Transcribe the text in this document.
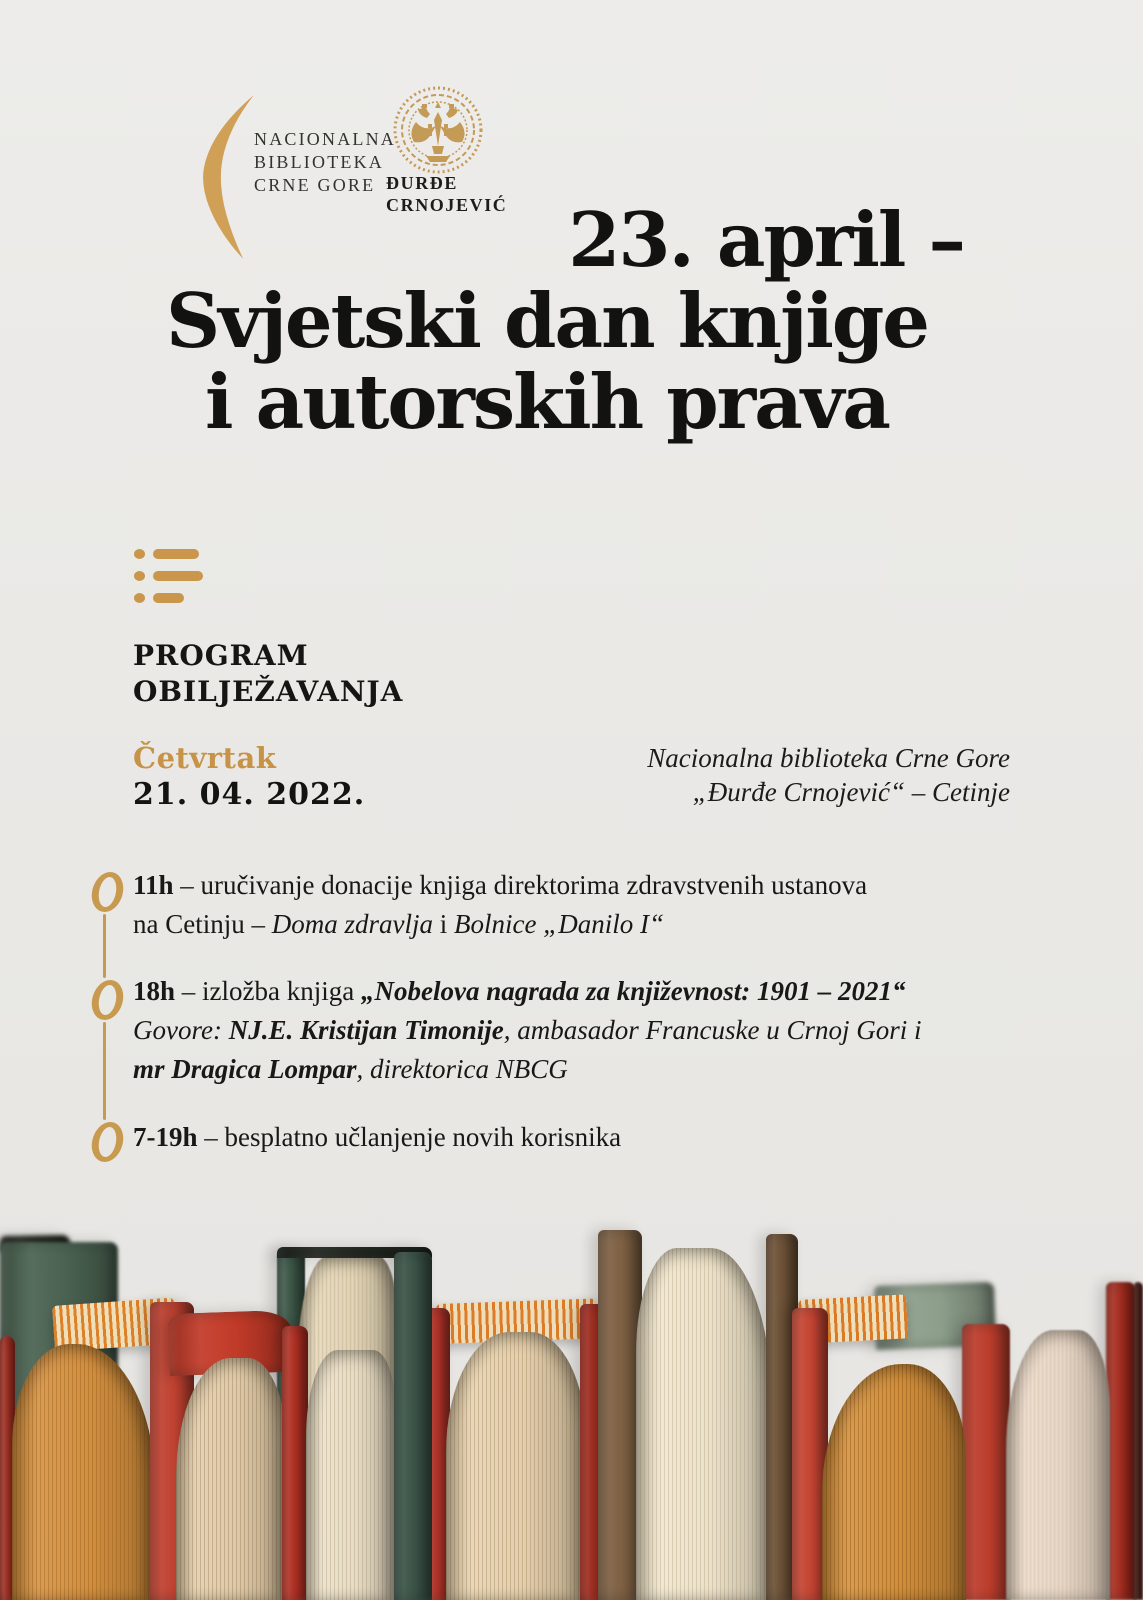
NACIONALNA
BIBLIOTEKA
CRNE GORE ĐURĐE
CRNOJEVIĆ 23. april –
Svjetski dan knjige
i autorskih prava
PROGRAM
OBILJEŽAVANJA
Četvrtak
21. 04. 2022.
Nacionalna biblioteka Crne Gore
„Đurđe Crnojević“ – Cetinje
11h – uručivanje donacije knjiga direktorima zdravstvenih ustanova
na Cetinju – Doma zdravlja i Bolnice „Danilo I“
18h – izložba knjiga „Nobelova nagrada za književnost: 1901 – 2021“
Govore: NJ.E. Kristijan Timonije, ambasador Francuske u Crnoj Gori i
mr Dragica Lompar, direktorica NBCG
7-19h – besplatno učlanjenje novih korisnika
